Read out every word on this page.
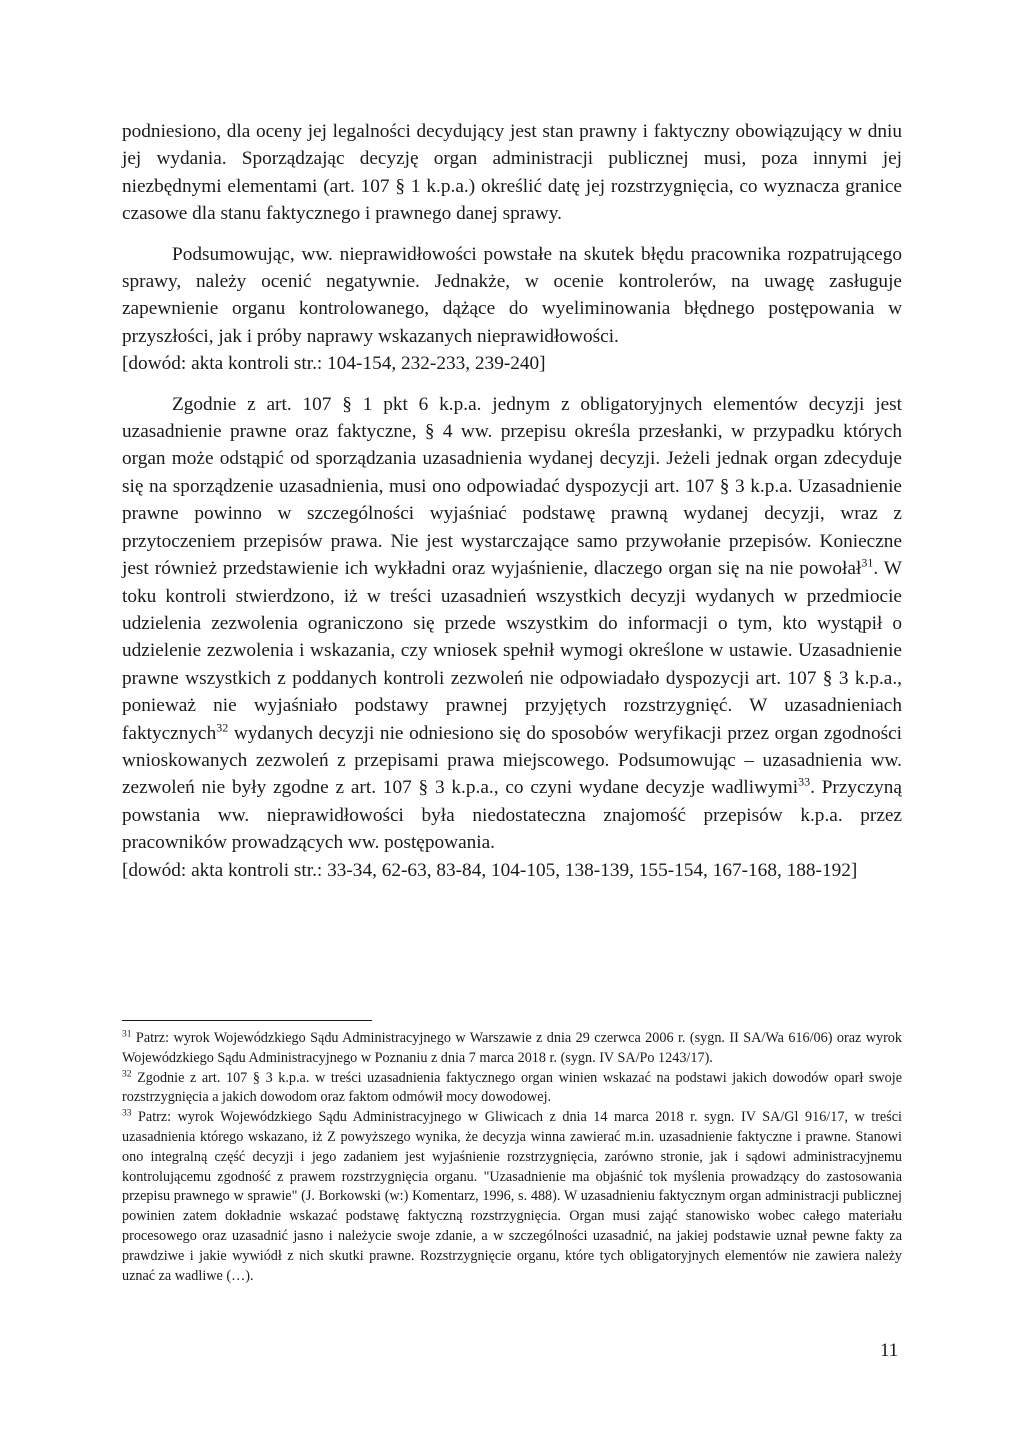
podniesiono, dla oceny jej legalności decydujący jest stan prawny i faktyczny obowiązujący w dniu jej wydania. Sporządzając decyzję organ administracji publicznej musi, poza innymi jej niezbędnymi elementami (art. 107 § 1 k.p.a.) określić datę jej rozstrzygnięcia, co wyznacza granice czasowe dla stanu faktycznego i prawnego danej sprawy.

Podsumowując, ww. nieprawidłowości powstałe na skutek błędu pracownika rozpatrującego sprawy, należy ocenić negatywnie. Jednakże, w ocenie kontrolerów, na uwagę zasługuje zapewnienie organu kontrolowanego, dążące do wyeliminowania błędnego postępowania w przyszłości, jak i próby naprawy wskazanych nieprawidłowości.

[dowód: akta kontroli str.: 104-154, 232-233, 239-240]

Zgodnie z art. 107 § 1 pkt 6 k.p.a. jednym z obligatoryjnych elementów decyzji jest uzasadnienie prawne oraz faktyczne, § 4 ww. przepisu określa przesłanki, w przypadku których organ może odstąpić od sporządzania uzasadnienia wydanej decyzji. Jeżeli jednak organ zdecyduje się na sporządzenie uzasadnienia, musi ono odpowiadać dyspozycji art. 107 § 3 k.p.a. Uzasadnienie prawne powinno w szczególności wyjaśniać podstawę prawną wydanej decyzji, wraz z przytoczeniem przepisów prawa. Nie jest wystarczające samo przywołanie przepisów. Konieczne jest również przedstawienie ich wykładni oraz wyjaśnienie, dlaczego organ się na nie powołał$^{31}$. W toku kontroli stwierdzono, iż w treści uzasadnień wszystkich decyzji wydanych w przedmiocie udzielenia zezwolenia ograniczono się przede wszystkim do informacji o tym, kto wystąpił o udzielenie zezwolenia i wskazania, czy wniosek spełnił wymogi określone w ustawie. Uzasadnienie prawne wszystkich z poddanych kontroli zezwoleń nie odpowiadało dyspozycji art. 107 § 3 k.p.a., ponieważ nie wyjaśniało podstawy prawnej przyjętych rozstrzygnięć. W uzasadnieniach faktycznych$^{32}$ wydanych decyzji nie odniesiono się do sposobów weryfikacji przez organ zgodności wnioskowanych zezwoleń z przepisami prawa miejscowego. Podsumowując – uzasadnienia ww. zezwoleń nie były zgodne z art. 107 § 3 k.p.a., co czyni wydane decyzje wadliwymi$^{33}$. Przyczyną powstania ww. nieprawidłowości była niedostateczna znajomość przepisów k.p.a. przez pracowników prowadzących ww. postępowania.

[dowód: akta kontroli str.: 33-34, 62-63, 83-84, 104-105, 138-139, 155-154, 167-168, 188-192]

$^{31}$ Patrz: wyrok Wojewódzkiego Sądu Administracyjnego w Warszawie z dnia 29 czerwca 2006 r. (sygn. II SA/Wa 616/06) oraz wyrok Wojewódzkiego Sądu Administracyjnego w Poznaniu z dnia 7 marca 2018 r. (sygn. IV SA/Po 1243/17).

$^{32}$ Zgodnie z art. 107 § 3 k.p.a. w treści uzasadnienia faktycznego organ winien wskazać na podstawi jakich dowodów oparł swoje rozstrzygnięcia a jakich dowodom oraz faktom odmówił mocy dowodowej.

$^{33}$ Patrz: wyrok Wojewódzkiego Sądu Administracyjnego w Gliwicach z dnia 14 marca 2018 r. sygn. IV SA/Gl 916/17, w treści uzasadnienia którego wskazano, iż Z powyższego wynika, że decyzja winna zawierać m.in. uzasadnienie faktyczne i prawne. Stanowi ono integralną część decyzji i jego zadaniem jest wyjaśnienie rozstrzygnięcia, zarówno stronie, jak i sądowi administracyjnemu kontrolującemu zgodność z prawem rozstrzygnięcia organu. "Uzasadnienie ma objaśnić tok myślenia prowadzący do zastosowania przepisu prawnego w sprawie" (J. Borkowski (w:) Komentarz, 1996, s. 488). W uzasadnieniu faktycznym organ administracji publicznej powinien zatem dokładnie wskazać podstawę faktyczną rozstrzygnięcia. Organ musi zająć stanowisko wobec całego materiału procesowego oraz uzasadnić jasno i należycie swoje zdanie, a w szczególności uzasadnić, na jakiej podstawie uznał pewne fakty za prawdziwe i jakie wywiódł z nich skutki prawne. Rozstrzygnięcie organu, które tych obligatoryjnych elementów nie zawiera należy uznać za wadliwe (…).

11
